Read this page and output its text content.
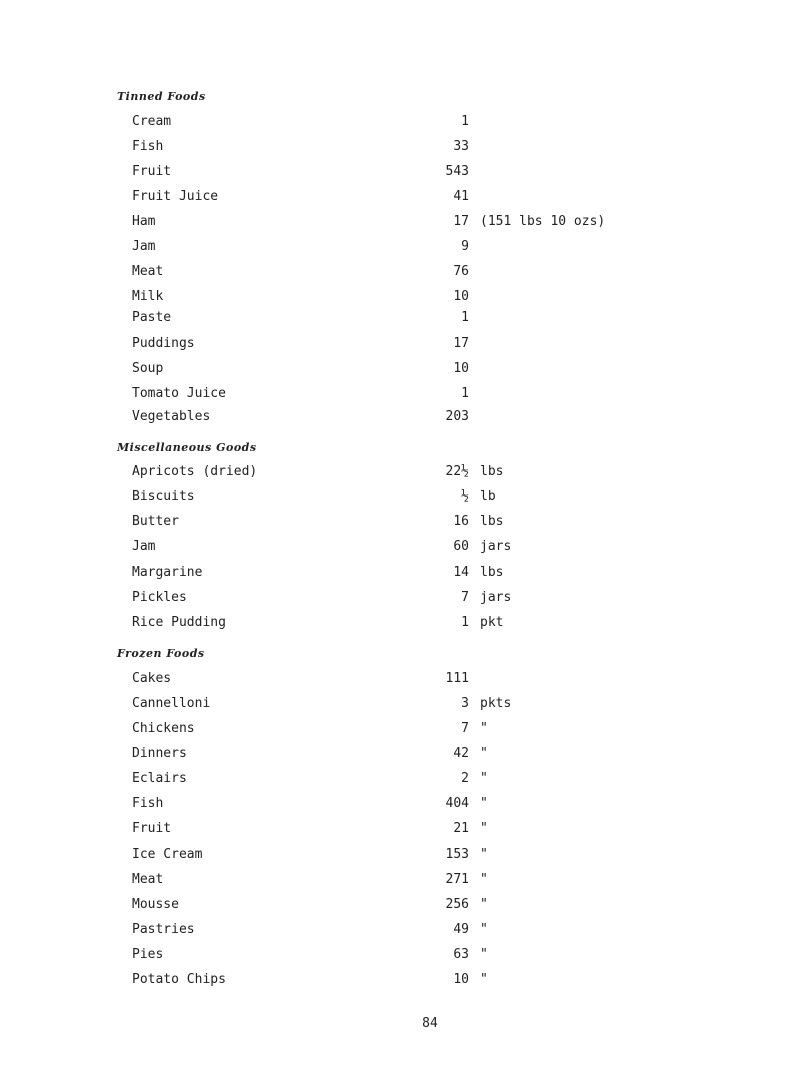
Tinned Foods
Cream	1
Fish	33
Fruit	543
Fruit Juice	41
Ham	17 (151 lbs 10 ozs)
Jam	9
Meat	76
Milk	10
Paste	1
Puddings	17
Soup	10
Tomato Juice	1
Vegetables	203
Miscellaneous Goods
Apricots (dried)	22½ lbs
Biscuits	½ lb
Butter	16 lbs
Jam	60 jars
Margarine	14 lbs
Pickles	7 jars
Rice Pudding	1 pkt
Frozen Foods
Cakes	111
Cannelloni	3 pkts
Chickens	7 "
Dinners	42 "
Eclairs	2 "
Fish	404 "
Fruit	21 "
Ice Cream	153 "
Meat	271 "
Mousse	256 "
Pastries	49 "
Pies	63 "
Potato Chips	10 "
84
